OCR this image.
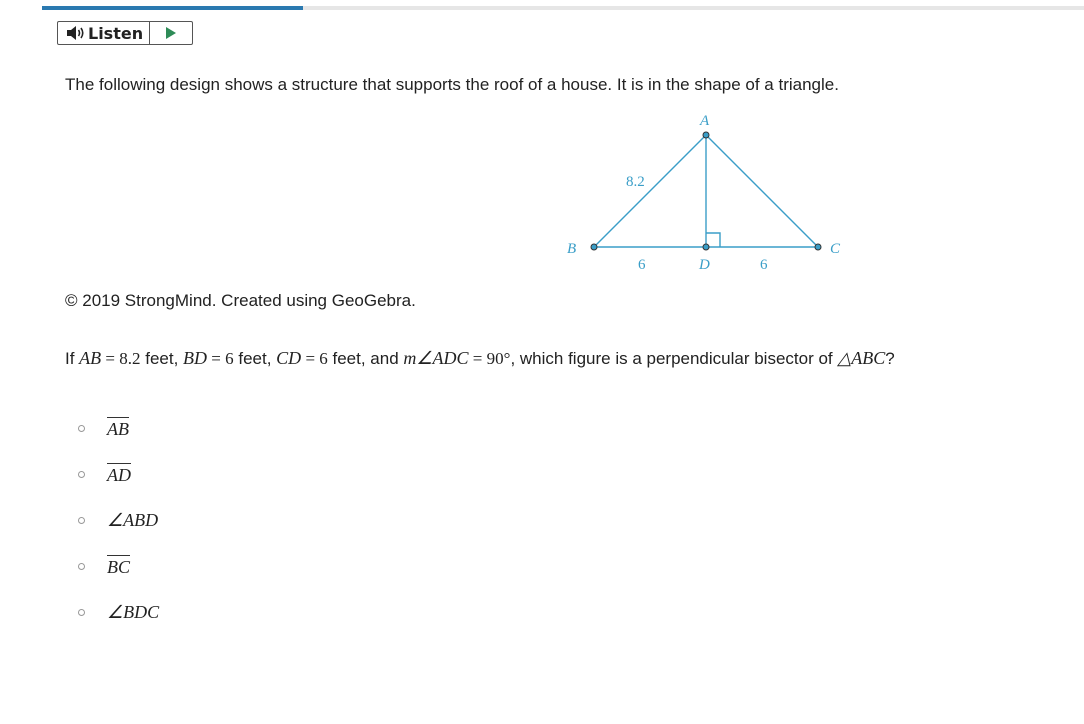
Listen
The following design shows a structure that supports the roof of a house. It is in the shape of a triangle.
A
B	C
D
8.2
6	6
© 2019 StrongMind. Created using GeoGebra.
If AB = 8.2 feet, BD = 6 feet, CD = 6 feet, and m∠ADC = 90°, which figure is a perpendicular bisector of △ABC?
AB
AD
∠ABD
BC
∠BDC
